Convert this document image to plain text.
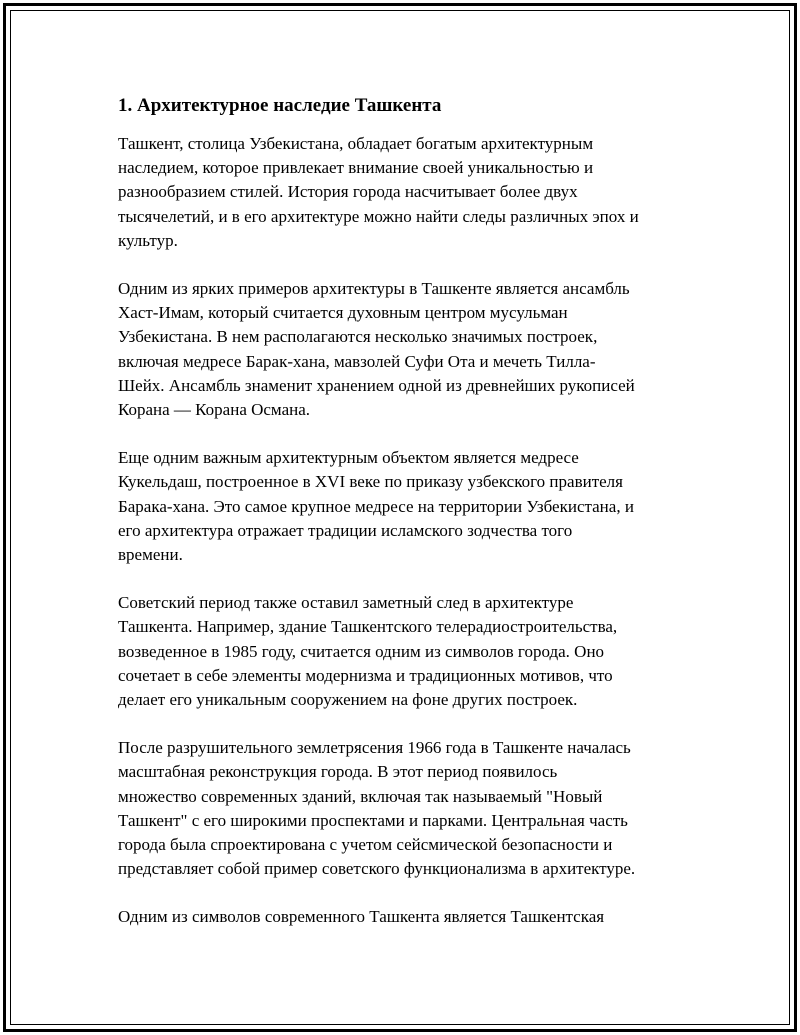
1. Архитектурное наследие Ташкента

Ташкент, столица Узбекистана, обладает богатым архитектурным
наследием, которое привлекает внимание своей уникальностью и
разнообразием стилей. История города насчитывает более двух
тысячелетий, и в его архитектуре можно найти следы различных эпох и
культур.

Одним из ярких примеров архитектуры в Ташкенте является ансамбль
Хаст-Имам, который считается духовным центром мусульман
Узбекистана. В нем располагаются несколько значимых построек,
включая медресе Барак-хана, мавзолей Суфи Ота и мечеть Тилла-
Шейх. Ансамбль знаменит хранением одной из древнейших рукописей
Корана — Корана Османа.

Еще одним важным архитектурным объектом является медресе
Кукельдаш, построенное в XVI веке по приказу узбекского правителя
Барака-хана. Это самое крупное медресе на территории Узбекистана, и
его архитектура отражает традиции исламского зодчества того
времени.

Советский период также оставил заметный след в архитектуре
Ташкента. Например, здание Ташкентского телерадиостроительства,
возведенное в 1985 году, считается одним из символов города. Оно
сочетает в себе элементы модернизма и традиционных мотивов, что
делает его уникальным сооружением на фоне других построек.

После разрушительного землетрясения 1966 года в Ташкенте началась
масштабная реконструкция города. В этот период появилось
множество современных зданий, включая так называемый "Новый
Ташкент" с его широкими проспектами и парками. Центральная часть
города была спроектирована с учетом сейсмической безопасности и
представляет собой пример советского функционализма в архитектуре.

Одним из символов современного Ташкента является Ташкентская
